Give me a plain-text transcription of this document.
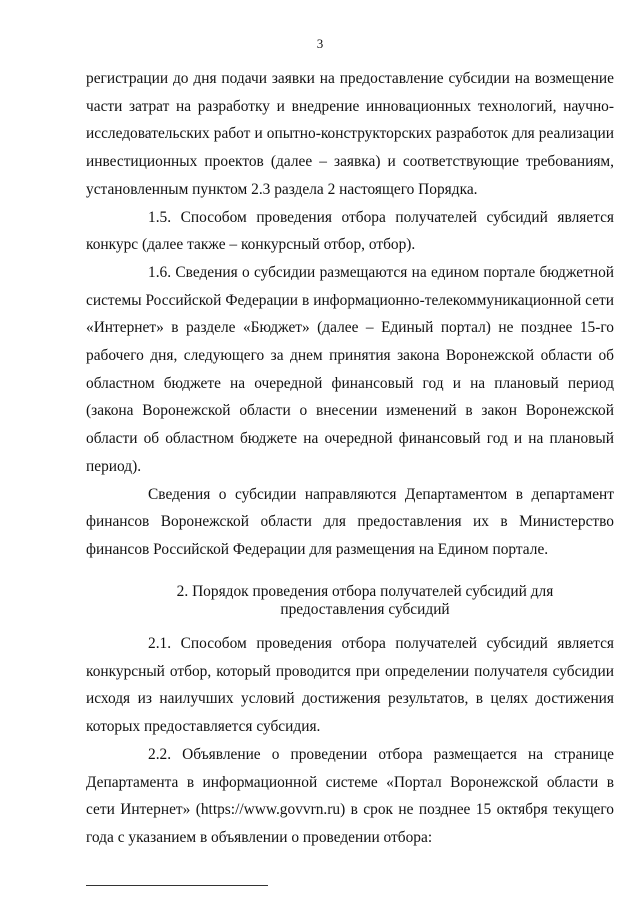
3

регистрации до дня подачи заявки на предоставление субсидии на возмещение части затрат на разработку и внедрение инновационных технологий, научно-исследовательских работ и опытно-конструкторских разработок для реализации инвестиционных проектов (далее – заявка) и соответствующие требованиям, установленным пунктом 2.3 раздела 2 настоящего Порядка.

1.5. Способом проведения отбора получателей субсидий является конкурс (далее также – конкурсный отбор, отбор).

1.6. Сведения о субсидии размещаются на едином портале бюджетной системы Российской Федерации в информационно-телекоммуникационной сети «Интернет» в разделе «Бюджет» (далее – Единый портал) не позднее 15-го рабочего дня, следующего за днем принятия закона Воронежской области об областном бюджете на очередной финансовый год и на плановый период (закона Воронежской области о внесении изменений в закон Воронежской области об областном бюджете на очередной финансовый год и на плановый период).

Сведения о субсидии направляются Департаментом в департамент финансов Воронежской области для предоставления их в Министерство финансов Российской Федерации для размещения на Едином портале.

2. Порядок проведения отбора получателей субсидий для
предоставления субсидий

2.1. Способом проведения отбора получателей субсидий является конкурсный отбор, который проводится при определении получателя субсидии исходя из наилучших условий достижения результатов, в целях достижения которых предоставляется субсидия.

2.2. Объявление о проведении отбора размещается на странице Департамента в информационной системе «Портал Воронежской области в сети Интернет» (https://www.govvrn.ru) в срок не позднее 15 октября текущего года с указанием в объявлении о проведении отбора:
